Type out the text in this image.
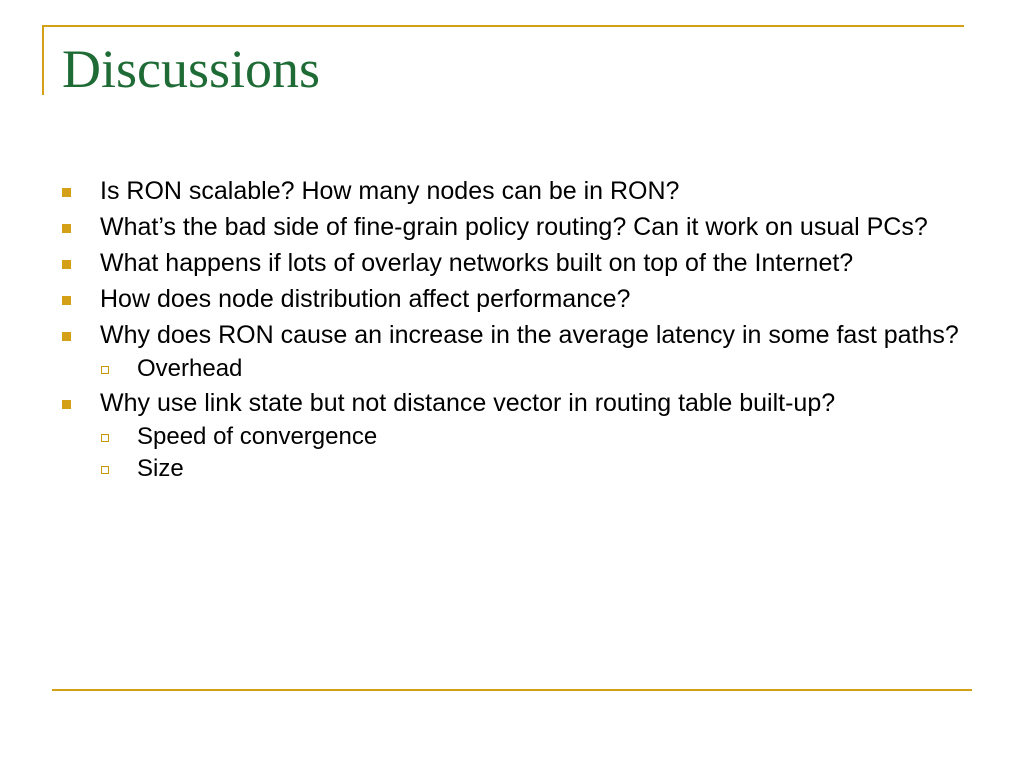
Discussions
Is RON scalable? How many nodes can be in RON?
What’s the bad side of fine-grain policy routing? Can it work on usual PCs?
What happens if lots of overlay networks built on top of the Internet?
How does node distribution affect performance?
Why does RON cause an increase in the average latency in some fast paths?
Overhead
Why use link state but not distance vector in routing table built-up?
Speed of convergence
Size
